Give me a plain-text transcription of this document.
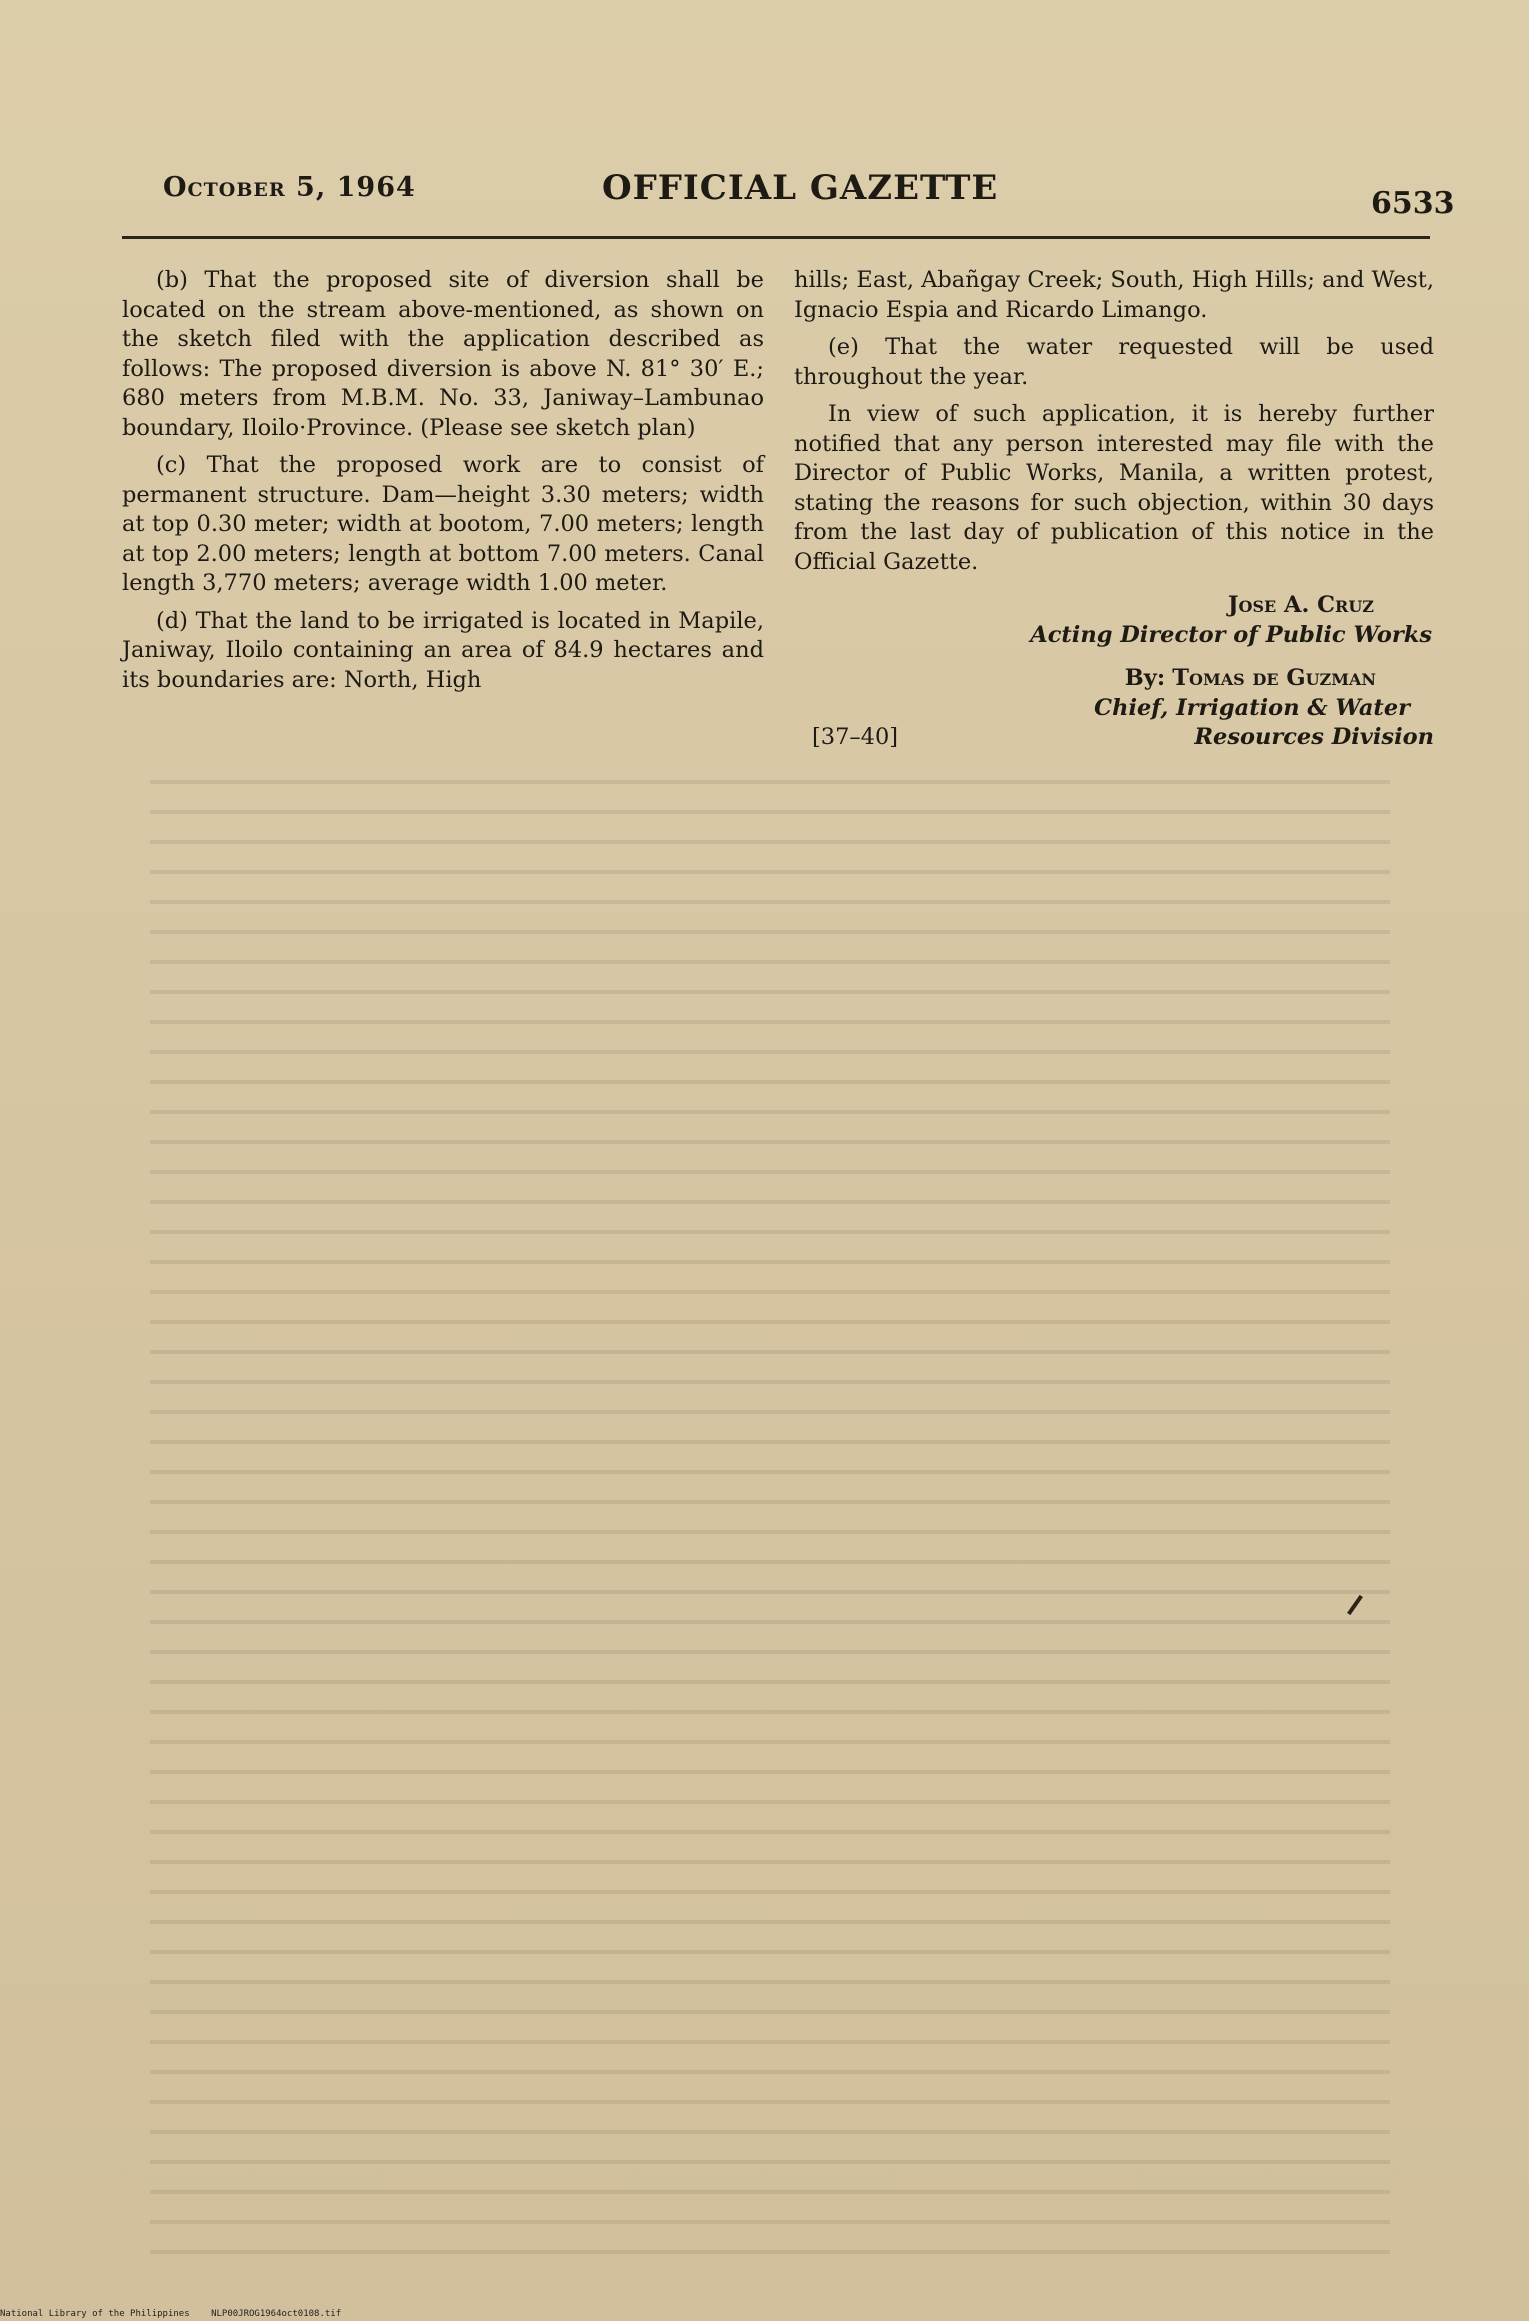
October 5, 1964	OFFICIAL GAZETTE	6533

(b) That the proposed site of diversion shall be located on the stream above-mentioned, as shown on the sketch filed with the application described as follows: The proposed diversion is above N. 81° 30′ E.; 680 meters from M.B.M. No. 33, Janiway–Lambunao boundary, Iloilo·Province. (Please see sketch plan)

(c) That the proposed work are to consist of permanent structure. Dam—height 3.30 meters; width at top 0.30 meter; width at bootom, 7.00 meters; length at top 2.00 meters; length at bottom 7.00 meters. Canal length 3,770 meters; average width 1.00 meter.

(d) That the land to be irrigated is located in Mapile, Janiway, Iloilo containing an area of 84.9 hectares and its boundaries are: North, High

hills; East, Abañgay Creek; South, High Hills; and West, Ignacio Espia and Ricardo Limango.

(e) That the water requested will be used throughout the year.

In view of such application, it is hereby further notified that any person interested may file with the Director of Public Works, Manila, a written protest, stating the reasons for such objection, within 30 days from the last day of publication of this notice in the Official Gazette.

Jose A. Cruz
Acting Director of Public Works
By: Tomas de Guzman
Chief, Irrigation & Water
[37–40]	Resources Division
National Library of the Philippines NLP00JROG1964oct0108.tif
